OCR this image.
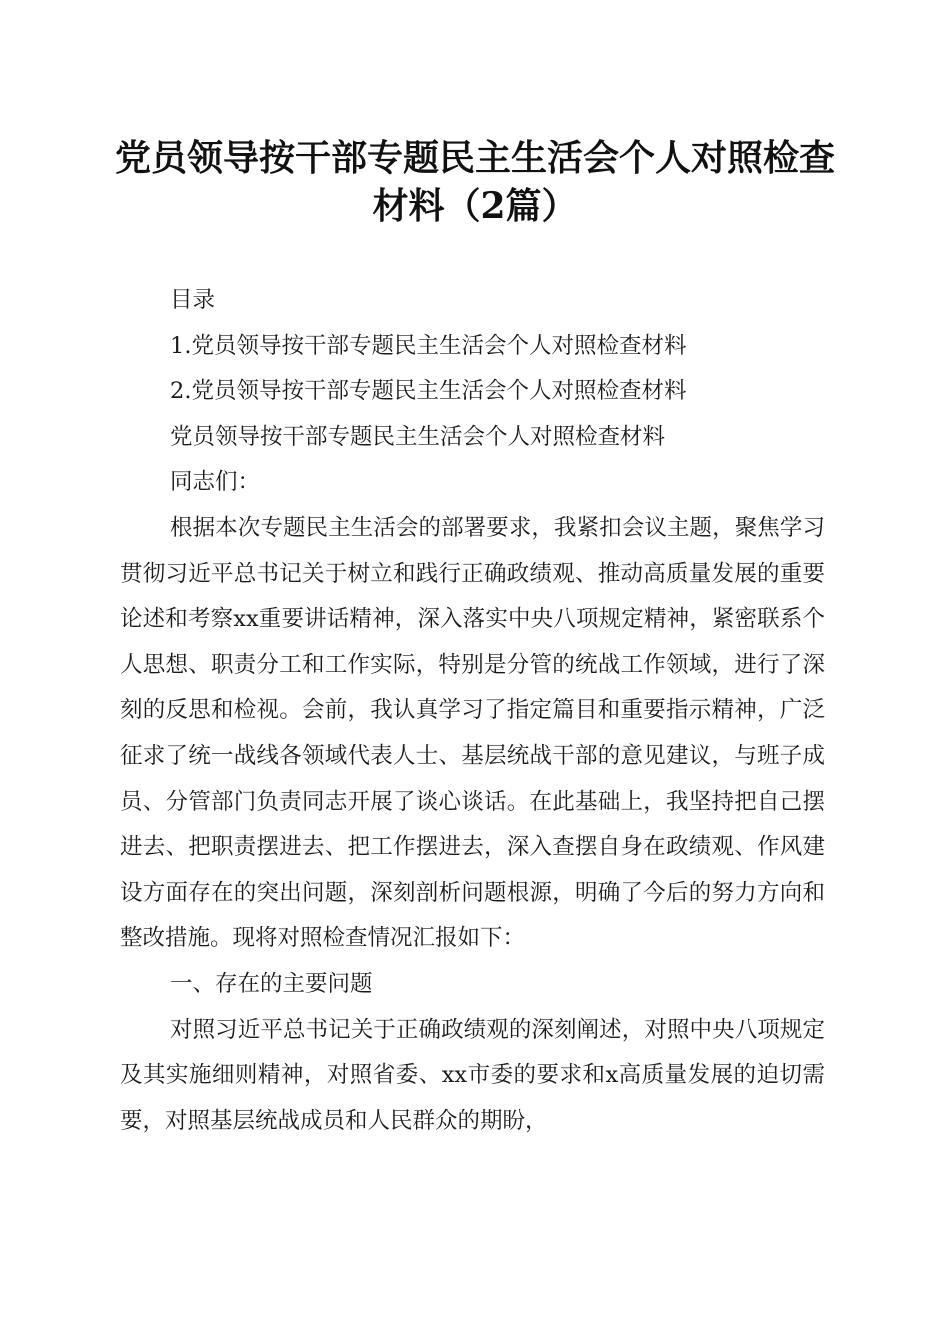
党员领导按干部专题民主生活会个人对照检查
材料（2篇）

目录

1.党员领导按干部专题民主生活会个人对照检查材料

2.党员领导按干部专题民主生活会个人对照检查材料

党员领导按干部专题民主生活会个人对照检查材料

同志们：

根据本次专题民主生活会的部署要求，我紧扣会议主题，聚焦学习贯彻习近平总书记关于树立和践行正确政绩观、推动高质量发展的重要论述和考察xx重要讲话精神，深入落实中央八项规定精神，紧密联系个人思想、职责分工和工作实际，特别是分管的统战工作领域，进行了深刻的反思和检视。会前，我认真学习了指定篇目和重要指示精神，广泛征求了统一战线各领域代表人士、基层统战干部的意见建议，与班子成员、分管部门负责同志开展了谈心谈话。在此基础上，我坚持把自己摆进去、把职责摆进去、把工作摆进去，深入查摆自身在政绩观、作风建设方面存在的突出问题，深刻剖析问题根源，明确了今后的努力方向和整改措施。现将对照检查情况汇报如下：

一、存在的主要问题

对照习近平总书记关于正确政绩观的深刻阐述，对照中央八项规定及其实施细则精神，对照省委、xx市委的要求和x高质量发展的迫切需要，对照基层统战成员和人民群众的期盼，
